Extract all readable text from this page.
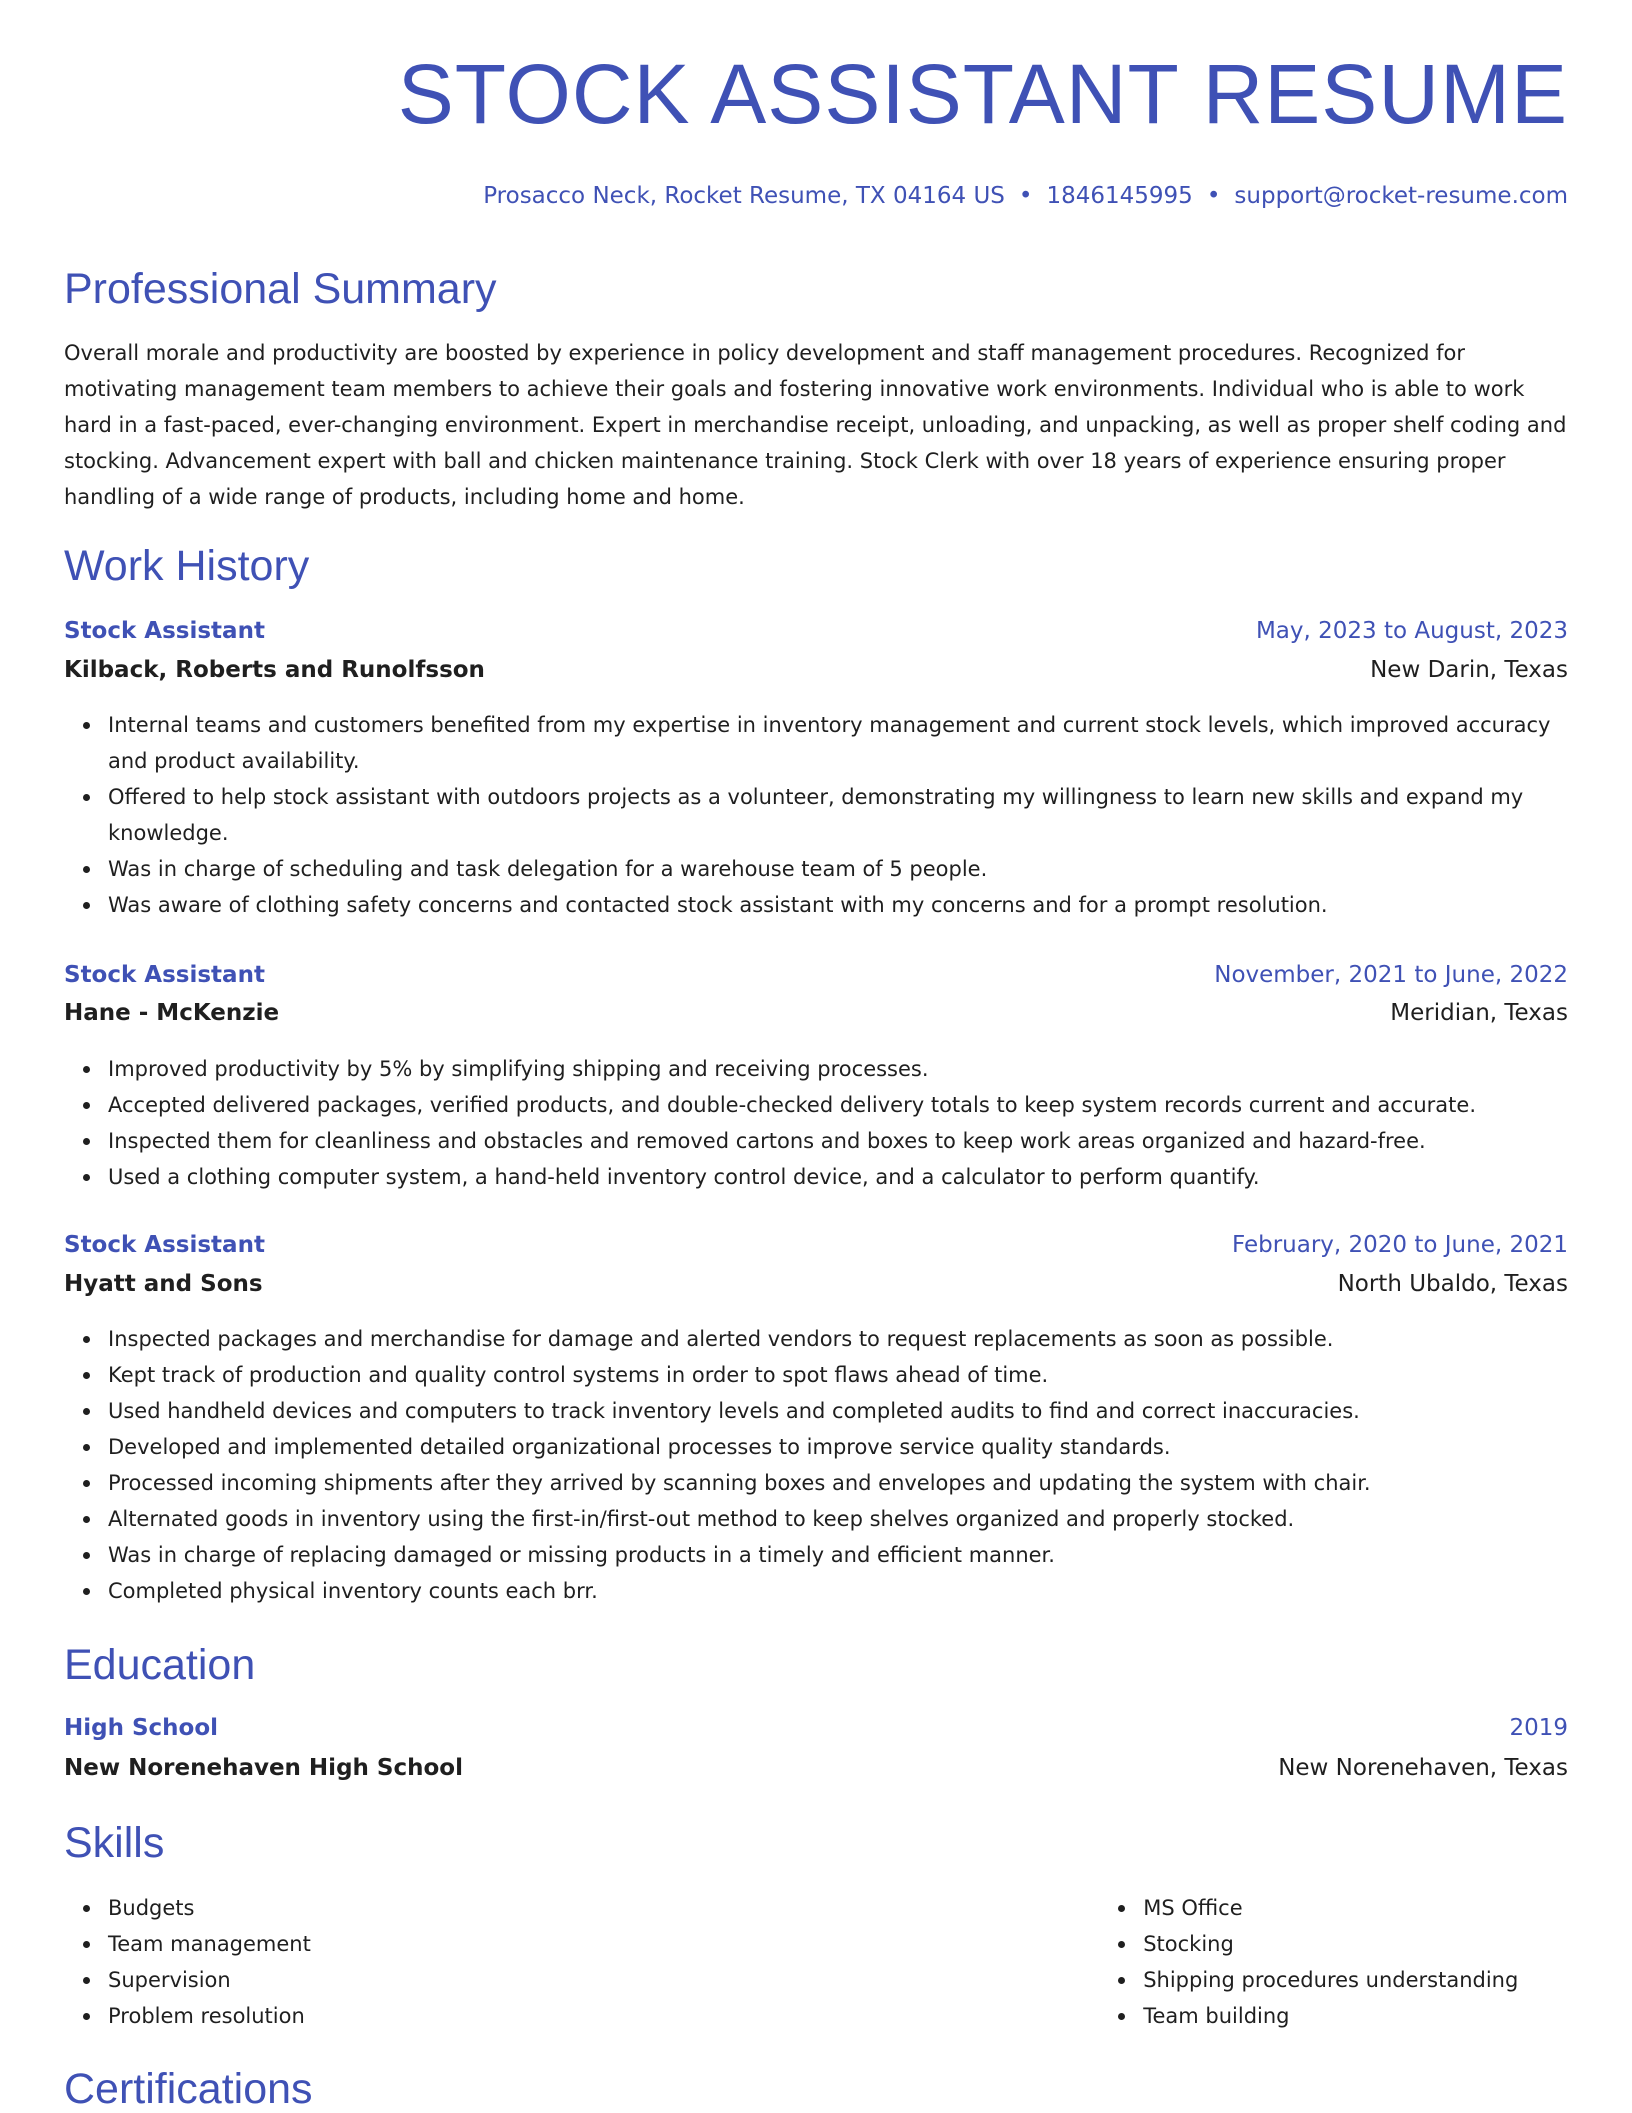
STOCK ASSISTANT RESUME
Prosacco Neck, Rocket Resume, TX 04164 US • 1846145995 • support@rocket-resume.com
Professional Summary

Overall morale and productivity are boosted by experience in policy development and staff management procedures. Recognized for motivating management team members to achieve their goals and fostering innovative work environments. Individual who is able to work hard in a fast-paced, ever-changing environment. Expert in merchandise receipt, unloading, and unpacking, as well as proper shelf coding and stocking. Advancement expert with ball and chicken maintenance training. Stock Clerk with over 18 years of experience ensuring proper handling of a wide range of products, including home and home.

Work History
Stock Assistant	May, 2023 to August, 2023
Kilback, Roberts and Runolfsson	New Darin, Texas
Internal teams and customers benefited from my expertise in inventory management and current stock levels, which improved accuracy and product availability.
Offered to help stock assistant with outdoors projects as a volunteer, demonstrating my willingness to learn new skills and expand my knowledge.
Was in charge of scheduling and task delegation for a warehouse team of 5 people.
Was aware of clothing safety concerns and contacted stock assistant with my concerns and for a prompt resolution.
Stock Assistant	November, 2021 to June, 2022
Hane - McKenzie	Meridian, Texas
Improved productivity by 5% by simplifying shipping and receiving processes.
Accepted delivered packages, verified products, and double-checked delivery totals to keep system records current and accurate.
Inspected them for cleanliness and obstacles and removed cartons and boxes to keep work areas organized and hazard-free.
Used a clothing computer system, a hand-held inventory control device, and a calculator to perform quantify.
Stock Assistant	February, 2020 to June, 2021
Hyatt and Sons	North Ubaldo, Texas
Inspected packages and merchandise for damage and alerted vendors to request replacements as soon as possible.
Kept track of production and quality control systems in order to spot flaws ahead of time.
Used handheld devices and computers to track inventory levels and completed audits to find and correct inaccuracies.
Developed and implemented detailed organizational processes to improve service quality standards.
Processed incoming shipments after they arrived by scanning boxes and envelopes and updating the system with chair.
Alternated goods in inventory using the first-in/first-out method to keep shelves organized and properly stocked.
Was in charge of replacing damaged or missing products in a timely and efficient manner.
Completed physical inventory counts each brr.
Education
High School	2019
New Norenehaven High School	New Norenehaven, Texas
Skills
Budgets
Team management
Supervision
Problem resolution
MS Office
Stocking
Shipping procedures understanding
Team building
Certifications
